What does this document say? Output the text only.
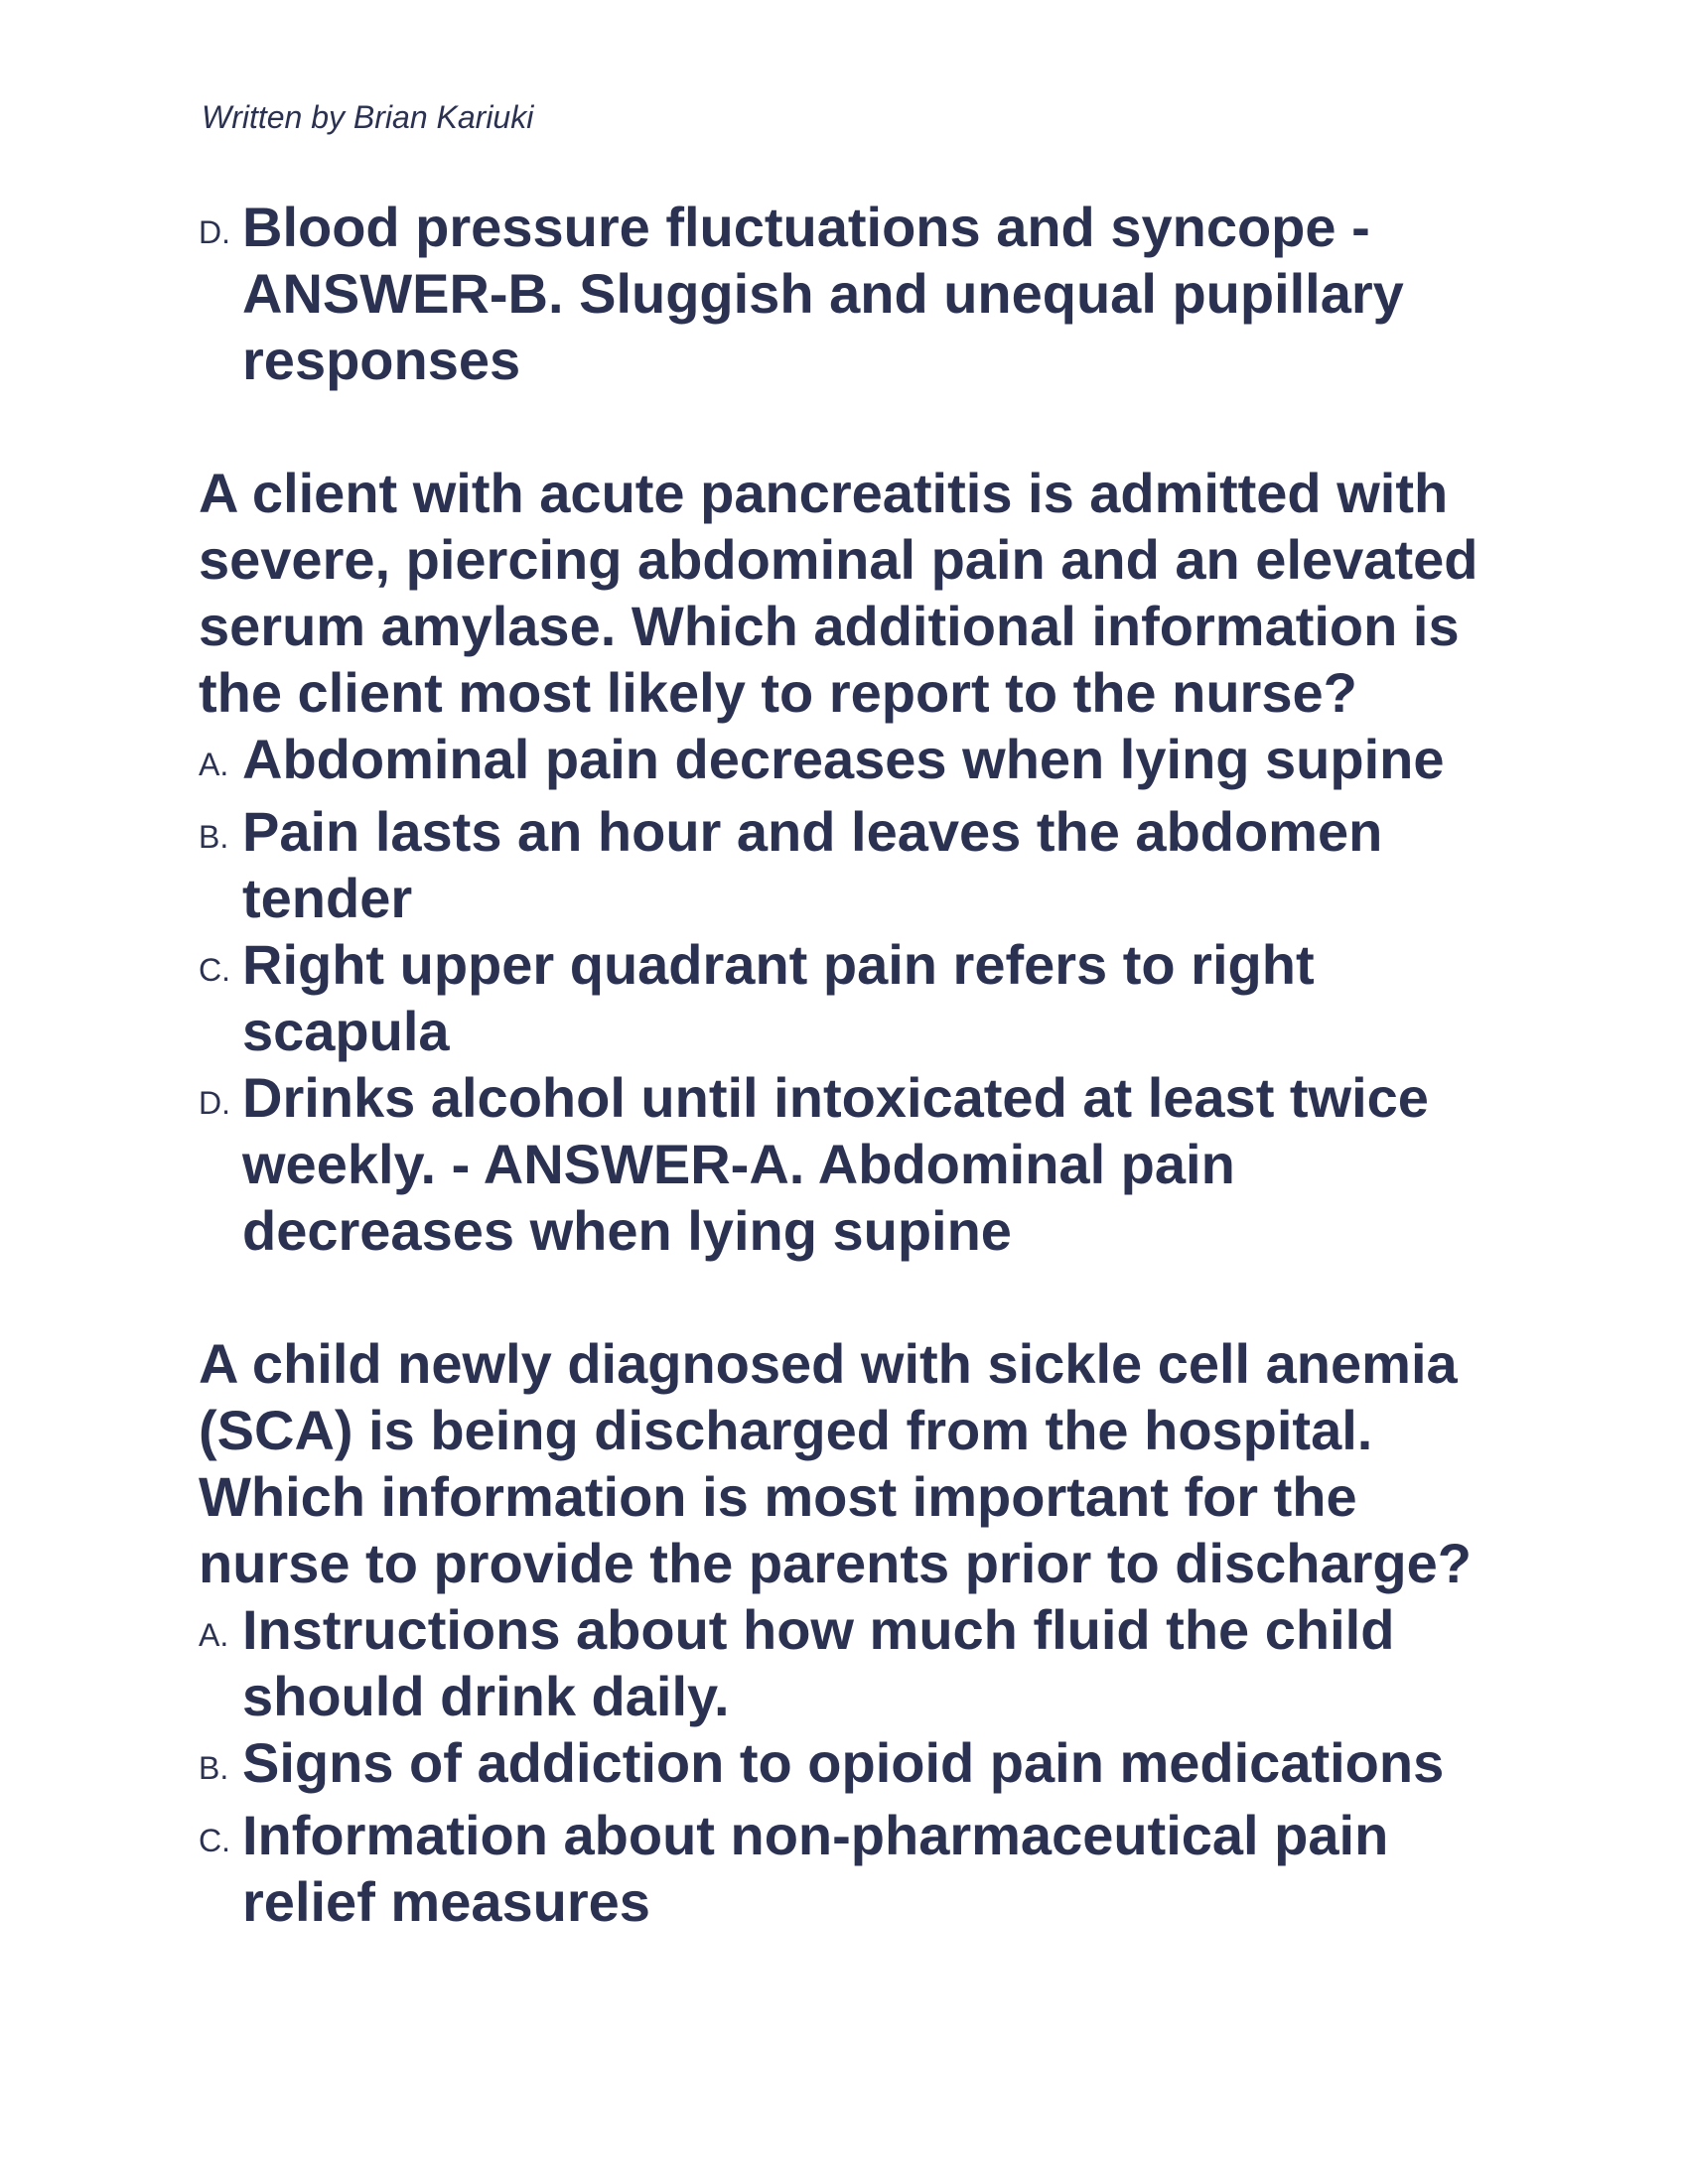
Written by Brian Kariuki
D. Blood pressure fluctuations and syncope - ANSWER-B. Sluggish and unequal pupillary responses
A client with acute pancreatitis is admitted with severe, piercing abdominal pain and an elevated serum amylase. Which additional information is the client most likely to report to the nurse?
A. Abdominal pain decreases when lying supine
B. Pain lasts an hour and leaves the abdomen tender
C. Right upper quadrant pain refers to right scapula
D. Drinks alcohol until intoxicated at least twice weekly. - ANSWER-A. Abdominal pain decreases when lying supine
A child newly diagnosed with sickle cell anemia (SCA) is being discharged from the hospital. Which information is most important for the nurse to provide the parents prior to discharge?
A. Instructions about how much fluid the child should drink daily.
B. Signs of addiction to opioid pain medications
C. Information about non-pharmaceutical pain relief measures
